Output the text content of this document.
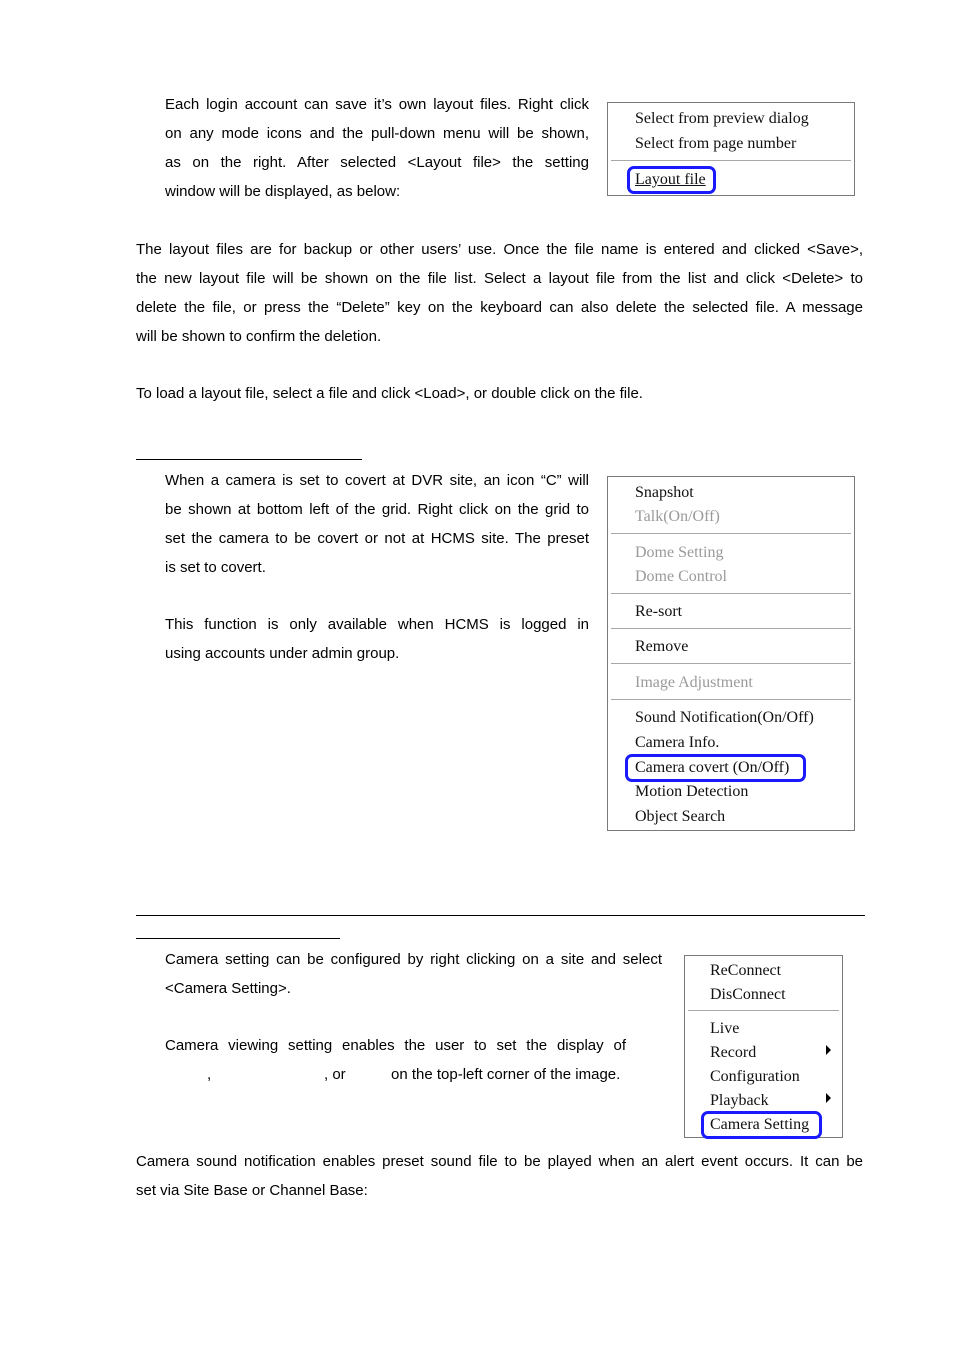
Each login account can save it’s own layout files. Right click
on any mode icons and the pull-down menu will be shown,
as on the right. After selected <Layout file> the setting
window will be displayed, as below:
Select from preview dialog
Select from page number
Layout file
The layout files are for backup or other users’ use. Once the file name is entered and clicked <Save>,
the new layout file will be shown on the file list. Select a layout file from the list and click <Delete> to
delete the file, or press the “Delete” key on the keyboard can also delete the selected file. A message
will be shown to confirm the deletion.
To load a layout file, select a file and click <Load>, or double click on the file.
When a camera is set to covert at DVR site, an icon “C” will
be shown at bottom left of the grid. Right click on the grid to
set the camera to be covert or not at HCMS site. The preset
is set to covert.
This function is only available when HCMS is logged in
using accounts under admin group.
Snapshot
Talk(On/Off)
Dome Setting
Dome Control
Re-sort
Remove
Image Adjustment
Sound Notification(On/Off)
Camera Info.
Camera covert (On/Off)
Motion Detection
Object Search
Camera setting can be configured by right clicking on a site and select
<Camera Setting>.
Camera viewing setting enables the user to set the display of
,	, or	on the top-left corner of the image.
ReConnect
DisConnect
Live
Record
Configuration
Playback
Camera Setting
Camera sound notification enables preset sound file to be played when an alert event occurs. It can be
set via Site Base or Channel Base:
